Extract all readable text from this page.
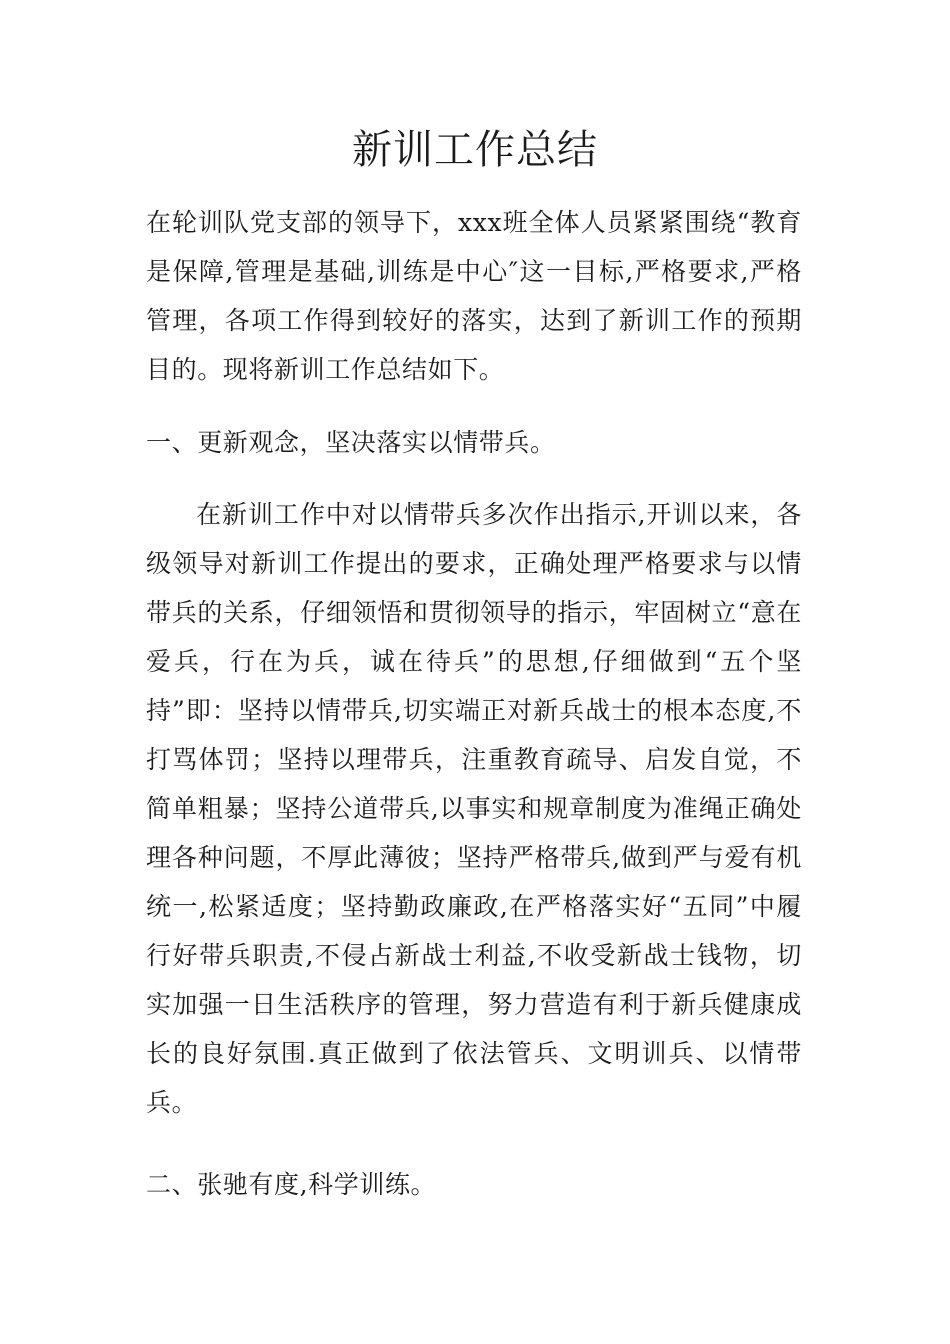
新训工作总结

在轮训队党支部的领导下，xxx班全体人员紧紧围绕“教育是保障,管理是基础,训练是中心″这一目标,严格要求,严格管理，各项工作得到较好的落实，达到了新训工作的预期目的。现将新训工作总结如下。

一、更新观念，坚决落实以情带兵。

在新训工作中对以情带兵多次作出指示,开训以来，各级领导对新训工作提出的要求，正确处理严格要求与以情带兵的关系，仔细领悟和贯彻领导的指示，牢固树立“意在爱兵，行在为兵，诚在待兵”的思想,仔细做到“五个坚持”即：坚持以情带兵,切实端正对新兵战士的根本态度,不打骂体罚；坚持以理带兵，注重教育疏导、启发自觉，不简单粗暴；坚持公道带兵,以事实和规章制度为准绳正确处理各种问题，不厚此薄彼；坚持严格带兵,做到严与爱有机统一,松紧适度；坚持勤政廉政,在严格落实好“五同”中履行好带兵职责,不侵占新战士利益,不收受新战士钱物，切实加强一日生活秩序的管理，努力营造有利于新兵健康成长的良好氛围.真正做到了依法管兵、文明训兵、以情带兵。

二、张驰有度,科学训练。
